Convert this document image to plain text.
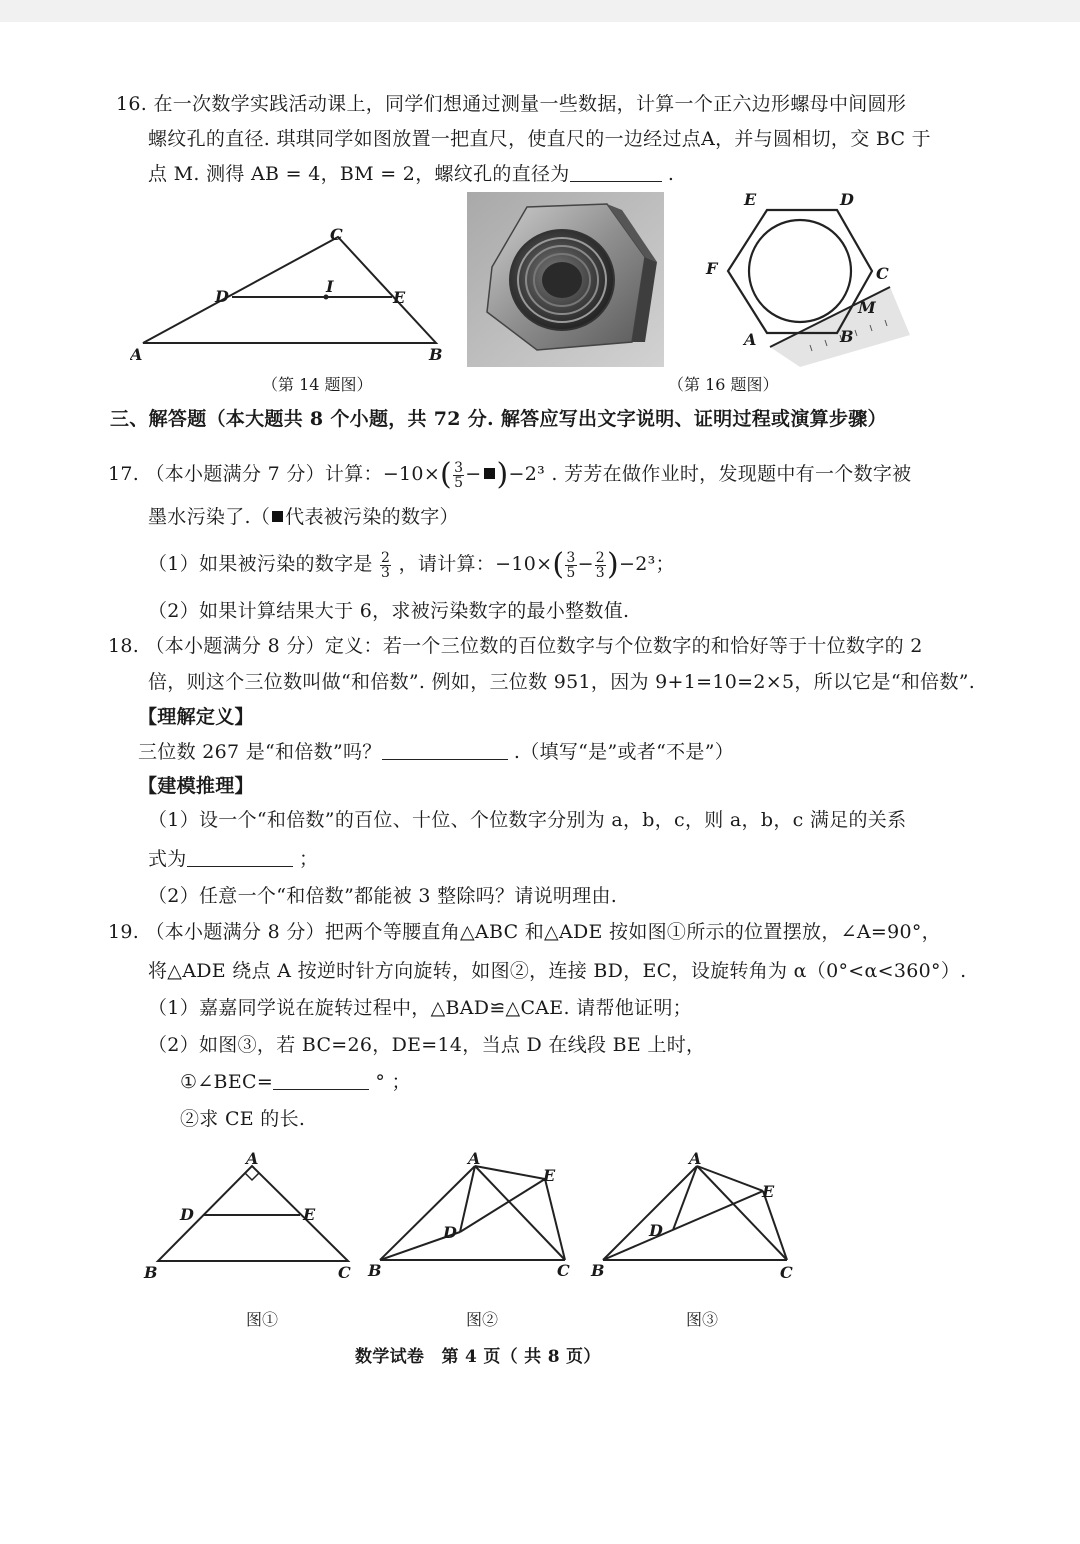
16. 在一次数学实践活动课上，同学们想通过测量一些数据，计算一个正六边形螺母中间圆形
螺纹孔的直径. 琪琪同学如图放置一把直尺，使直尺的一边经过点A，并与圆相切，交 BC 于
点 M. 测得 AB = 4，BM = 2，螺纹孔的直径为	.
A	B
C
D	E
I
（第 14 题图）
E	D
F	C
M
B
A
（第 16 题图）
三、解答题（本大题共 8 个小题，共 72 分. 解答应写出文字说明、证明过程或演算步骤）
17. （本小题满分 7 分）计算：$-10\times( \frac{3}{5} - )-2^3$ . 芳芳在做作业时，发现题中有一个数字被
墨水污染了.（ 代表被污染的数字）
（1）如果被污染的数字是 $\frac{2}{3}$ ，请计算：$-10\times( \frac{3}{5} - \frac{2}{3} )-2^3$；
（2）如果计算结果大于 6，求被污染数字的最小整数值.
18. （本小题满分 8 分）定义：若一个三位数的百位数字与个位数字的和恰好等于十位数字的 2
倍，则这个三位数叫做“和倍数”. 例如，三位数 951，因为 9+1=10=2×5，所以它是“和倍数”.
【理解定义】
三位数 267 是“和倍数”吗？	.（填写“是”或者“不是”）
【建模推理】
（1）设一个“和倍数”的百位、十位、个位数字分别为 a，b，c，则 a，b，c 满足的关系
式为	；
（2）任意一个“和倍数”都能被 3 整除吗？请说明理由.
19. （本小题满分 8 分）把两个等腰直角△ABC 和△ADE 按如图①所示的位置摆放，∠A=90°，
将△ADE 绕点 A 按逆时针方向旋转，如图②，连接 BD，EC，设旋转角为 α（0°<α<360°）.
（1）嘉嘉同学说在旋转过程中，△BAD≌△CAE. 请帮他证明；
（2）如图③，若 BC=26，DE=14，当点 D 在线段 BE 上时，
①∠BEC=	° ；
②求 CE 的长.
A
B	C
D	E
A
B	C
D
E
A
B	C
D
E
图①	图②	图③
数学试卷　第 4 页（ 共 8 页）
